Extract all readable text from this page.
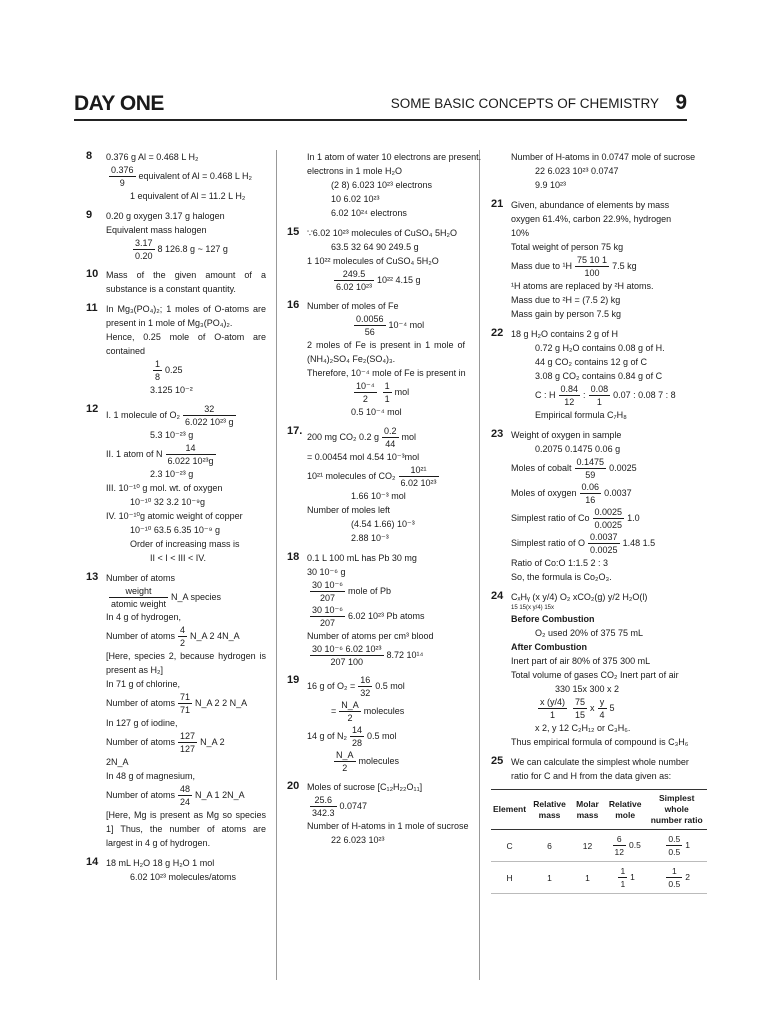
DAY ONE	SOME BASIC CONCEPTS OF CHEMISTRY 9
8 0.376 g Al = 0.468 L H₂
$\frac{0.376}{9}$ equivalent of Al = 0.468 L H₂
1 equivalent of Al = 11.2 L H₂
9 0.20 g oxygen 3.17 g halogen
Equivalent mass halogen
$\frac{3.17}{0.20} 8$ 126.8 g ~ 127 g
10 Mass of the given amount of a substance is a constant quantity.
11 In Mg₃(PO₄)₂; 1 moles of O-atoms are present in 1 mole of Mg₃(PO₄)₂.
Hence, 0.25 mole of O-atom are contained
$\frac{1}{8} 0.25$
3.125 10⁻²
12 I. 1 molecule of $O_2 \frac{32}{\text{6.022 10²³ g}}$
5.3 10⁻²³ g
II. 1 atom of N $\frac{14}{\text{6.022 10²³g}}$
2.3 10⁻²³ g
III. 10⁻¹⁰ g mol. wt. of oxygen
10⁻¹⁰ 32 3.2 10⁻⁹g
IV. 10⁻¹⁰g atomic weight of copper
10⁻¹⁰ 63.5 6.35 10⁻⁹ g
Order of increasing mass is
II < I < III < IV.
13 Number of atoms
$\frac{\text{weight}}{\text{atomic weight}}$ N_A species
In 4 g of hydrogen,
Number of atoms $\frac{4}{2}$ N_A 2 4N_A
[Here, species 2, because hydrogen is present as H₂]
In 71 g of chlorine,
Number of atoms $\frac{71}{71}$ N_A 2 2 N_A
In 127 g of iodine,
Number of atoms $\frac{127}{127}$ N_A 2
2N_A
In 48 g of magnesium,
Number of atoms $\frac{48}{24}$ N_A 1 2N_A
[Here, Mg is present as Mg so species 1] Thus, the number of atoms are largest in 4 g of hydrogen.
14 18 mL H₂O 18 g H₂O 1 mol
6.02 10²³ molecules/atoms
In 1 atom of water 10 electrons are present.
electrons in 1 mole H₂O
(2 8) 6.023 10²³ electrons
10 6.02 10²³
6.02 10²⁴ electrons
15 ∵6.02 10²³ molecules of CuSO₄ 5H₂O
63.5 32 64 90 249.5 g
1 10²² molecules of CuSO₄ 5H₂O
$\frac{249.5}{\text{6.02 10²³}} 10^{22}$ 4.15 g
16 Number of moles of Fe
$\frac{0.0056}{56} 10^{-4}$ mol
2 moles of Fe is present in 1 mole of (NH₄)₂SO₄ Fe₂(SO₄)₃.
Therefore, 10⁻⁴ mole of Fe is present in
$\frac{\text{10⁻⁴}}{2} \frac{1}{1}$ mol
0.5 10⁻⁴ mol
17. 200 mg CO₂ 0.2 g $\frac{0.2}{44}$ mol
= 0.00454 mol 4.54 10⁻³mol
10²¹ molecules of $CO_2 \frac{\text{10²¹}}{\text{6.02 10²³}}$
1.66 10⁻³ mol
Number of moles left
(4.54 1.66) 10⁻³
2.88 10⁻³
18 0.1 L 100 mL has Pb 30 mg
30 10⁻⁶ g
$\frac{\text{30 10⁻⁶}}{207}$ mole of Pb
$\frac{\text{30 10⁻⁶}}{207} 6.02$ 10²³ Pb atoms
Number of atoms per cm³ blood
$\frac{\text{30 10⁻⁶ 6.02 10²³}}{207 100} 8.72$ 10¹⁴
19 16 g of $O_2 = \frac{16}{32} 0.5$ mol
= $\frac{N\_A}{2}$ molecules
14 g of $N_2 \frac{14}{28} 0.5$ mol
$\frac{N\_A}{2}$ molecules
20 Moles of sucrose [C₁₂H₂₂O₁₁]
$\frac{25.6}{342.3} 0.0747$
Number of H-atoms in 1 mole of sucrose
22 6.023 10²³
Number of H-atoms in 0.0747 mole of sucrose
22 6.023 10²³ 0.0747
9.9 10²³
21 Given, abundance of elements by mass oxygen 61.4%, carbon 22.9%, hydrogen 10%
Total weight of person 75 kg
Mass due to $^1H \frac{75 10 1}{100} 7.5$ kg
¹H atoms are replaced by ²H atoms.
Mass due to ²H = (7.5 2) kg
Mass gain by person 7.5 kg
22 18 g H₂O contains 2 g of H
0.72 g H₂O contains 0.08 g of H.
44 g CO₂ contains 12 g of C
3.08 g CO₂ contains 0.84 g of C
C : H $\frac{0.84}{12}$ : $\frac{0.08}{1} 0.07$ : 0.08 7 : 8
Empirical formula C₇H₈
23 Weight of oxygen in sample
0.2075 0.1475 0.06 g
Moles of cobalt $\frac{0.1475}{59} 0.0025$
Moles of oxygen $\frac{0.06}{16} 0.0037$
Simplest ratio of Co $\frac{0.0025}{0.0025} 1.0$
Simplest ratio of O $\frac{0.0037}{0.0025} 1.48$ 1.5
Ratio of Co:O 1:1.5 2 : 3
So, the formula is Co₂O₃.
24 CₓHᵧ (x y/4) O₂ xCO₂(g) y/2 H₂O(l)
15 15(x y/4) 15x
Before Combustion
O₂ used 20% of 375 75 mL
After Combustion
Inert part of air 80% of 375 300 mL
Total volume of gases CO₂ Inert part of air
330 15x 300 x 2
$\frac{x (y/4)}{1} \frac{75}{15}$ x $\frac{y}{4} 5$
x 2, y 12 C₂H₁₂ or C₃H₆.
Thus empirical formula of compound is C₃H₆
25 We can calculate the simplest whole number ratio for C and H from the data given as:
Element	Relative mass	Molar mass	Relative mole	Simplest whole number ratio
C	6	12	$\frac{6}{12} 0.5$	$\frac{0.5}{0.5} 1$
H	1	1	$\frac{1}{1} 1$	$\frac{1}{0.5} 2$
